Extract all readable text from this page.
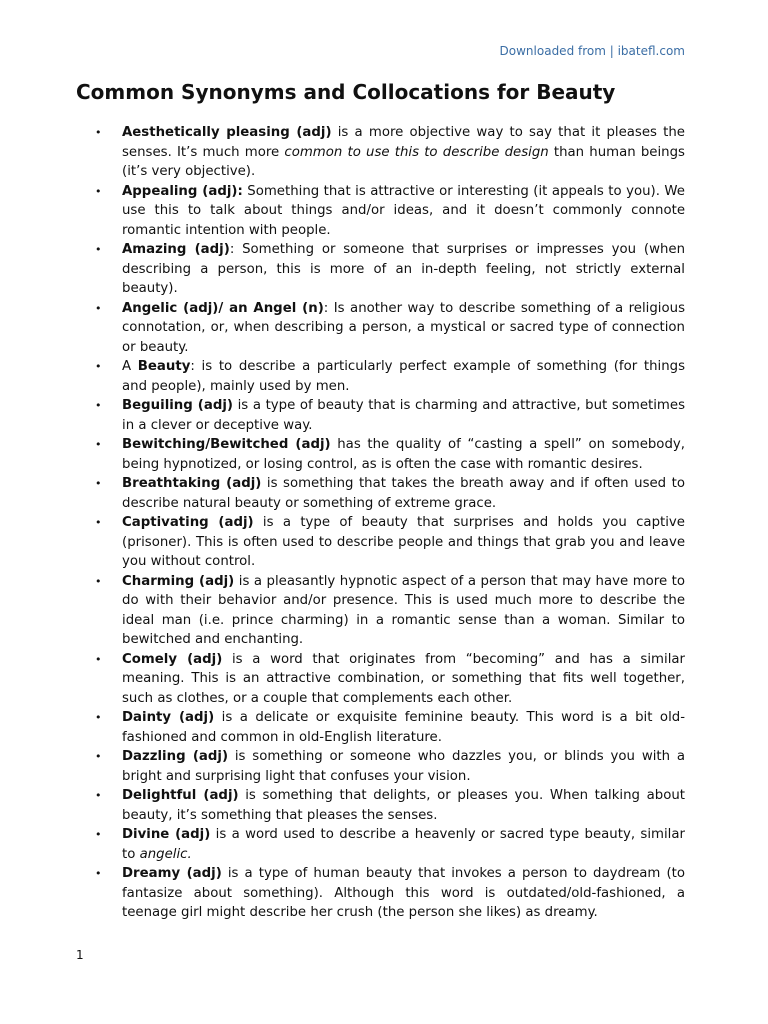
Downloaded from | ibatefl.com
Common Synonyms and Collocations for Beauty
• Aesthetically pleasing (adj) is a more objective way to say that it pleases the senses. It’s much more common to use this to describe design than human beings (it’s very objective).
• Appealing (adj): Something that is attractive or interesting (it appeals to you). We use this to talk about things and/or ideas, and it doesn’t commonly connote romantic intention with people.
• Amazing (adj): Something or someone that surprises or impresses you (when describing a person, this is more of an in-depth feeling, not strictly external beauty).
• Angelic (adj)/ an Angel (n): Is another way to describe something of a religious connotation, or, when describing a person, a mystical or sacred type of connection or beauty.
• A Beauty: is to describe a particularly perfect example of something (for things and people), mainly used by men.
• Beguiling (adj) is a type of beauty that is charming and attractive, but sometimes in a clever or deceptive way.
• Bewitching/Bewitched (adj) has the quality of “casting a spell” on somebody, being hypnotized, or losing control, as is often the case with romantic desires.
• Breathtaking (adj) is something that takes the breath away and if often used to describe natural beauty or something of extreme grace.
• Captivating (adj) is a type of beauty that surprises and holds you captive (prisoner). This is often used to describe people and things that grab you and leave you without control.
• Charming (adj) is a pleasantly hypnotic aspect of a person that may have more to do with their behavior and/or presence. This is used much more to describe the ideal man (i.e. prince charming) in a romantic sense than a woman. Similar to bewitched and enchanting.
• Comely (adj) is a word that originates from “becoming” and has a similar meaning. This is an attractive combination, or something that fits well together, such as clothes, or a couple that complements each other.
• Dainty (adj) is a delicate or exquisite feminine beauty. This word is a bit old-fashioned and common in old-English literature.
• Dazzling (adj) is something or someone who dazzles you, or blinds you with a bright and surprising light that confuses your vision.
• Delightful (adj) is something that delights, or pleases you. When talking about beauty, it’s something that pleases the senses.
• Divine (adj) is a word used to describe a heavenly or sacred type beauty, similar to angelic.
• Dreamy (adj) is a type of human beauty that invokes a person to daydream (to fantasize about something). Although this word is outdated/old-fashioned, a teenage girl might describe her crush (the person she likes) as dreamy.
1
